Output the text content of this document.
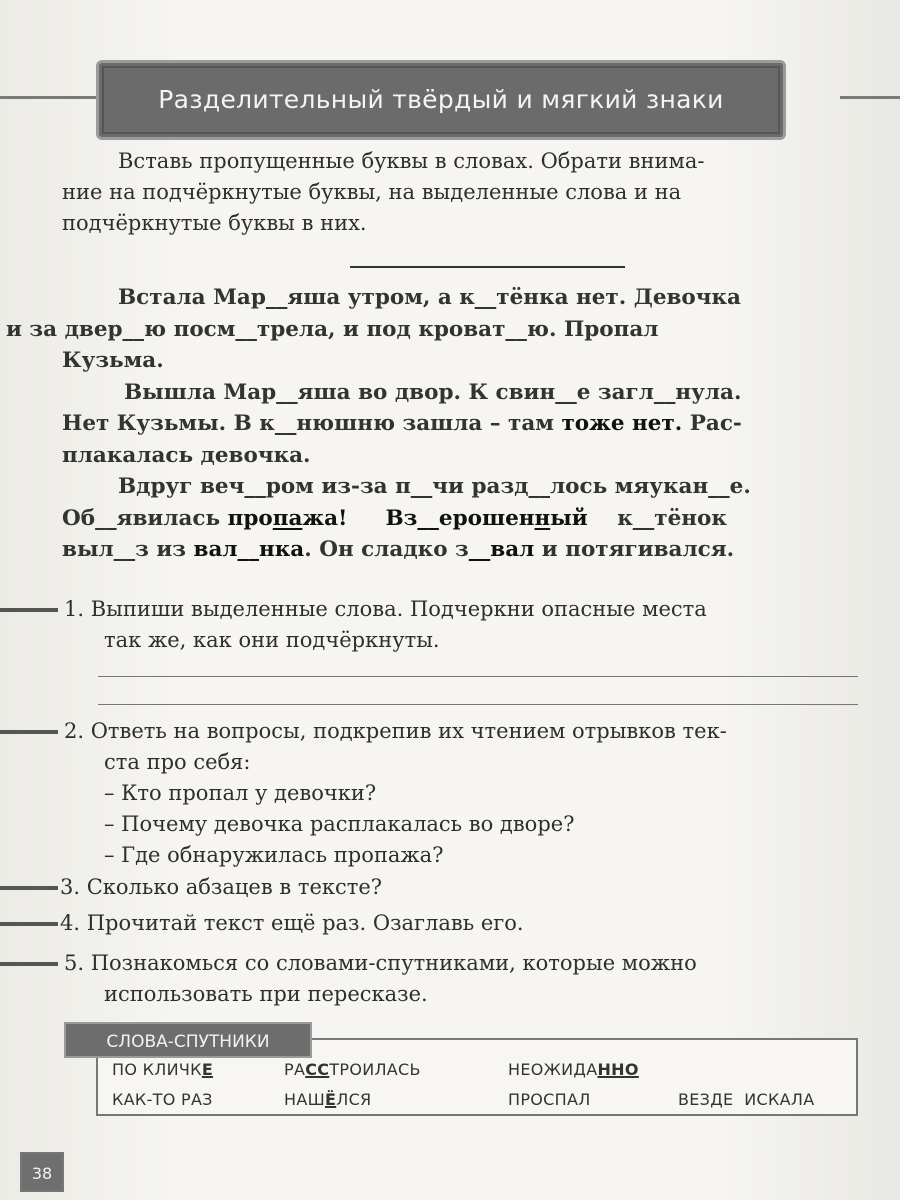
Разделительный твёрдый и мягкий знаки
Вставь пропущенные буквы в словах. Обрати внима-
ние на подчёркнутые буквы, на выделенные слова и на
подчёркнутые буквы в них.

Встала Мар__яша утром, а к__тёнка нет. Девочка
и за двер__ю посм__трела, и под кроват__ю. Пропал
Кузьма.

Вышла Мар__яша во двор. К свин__е загл__нула.
Нет Кузьмы. В к__нюшню зашла – там тоже нет. Рас-
плакалась девочка.

Вдруг веч__ром из-за п__чи разд__лось мяукан__е.
Об__явилась пропажа! Вз__ерошенный к__тёнок
выл__з из вал__нка. Он сладко з__вал и потягивался.

1. Выпиши выделенные слова. Подчеркни опасные места
так же, как они подчёркнуты.
2. Ответь на вопросы, подкрепив их чтением отрывков тек-
ста про себя:
– Кто пропал у девочки?
– Почему девочка расплакалась во дворе?
– Где обнаружилась пропажа?
3. Сколько абзацев в тексте?
4. Прочитай текст ещё раз. Озаглавь его.
5. Познакомься со словами-спутниками, которые можно
использовать при пересказе.
ПО КЛИЧКЕ	РАССТРОИЛАСЬ	НЕОЖИДАННО
КАК-ТО РАЗ	НАШЁЛСЯ	ПРОСПАЛ	ВЕЗДЕ  ИСКАЛА
СЛОВА-СПУТНИКИ
38
